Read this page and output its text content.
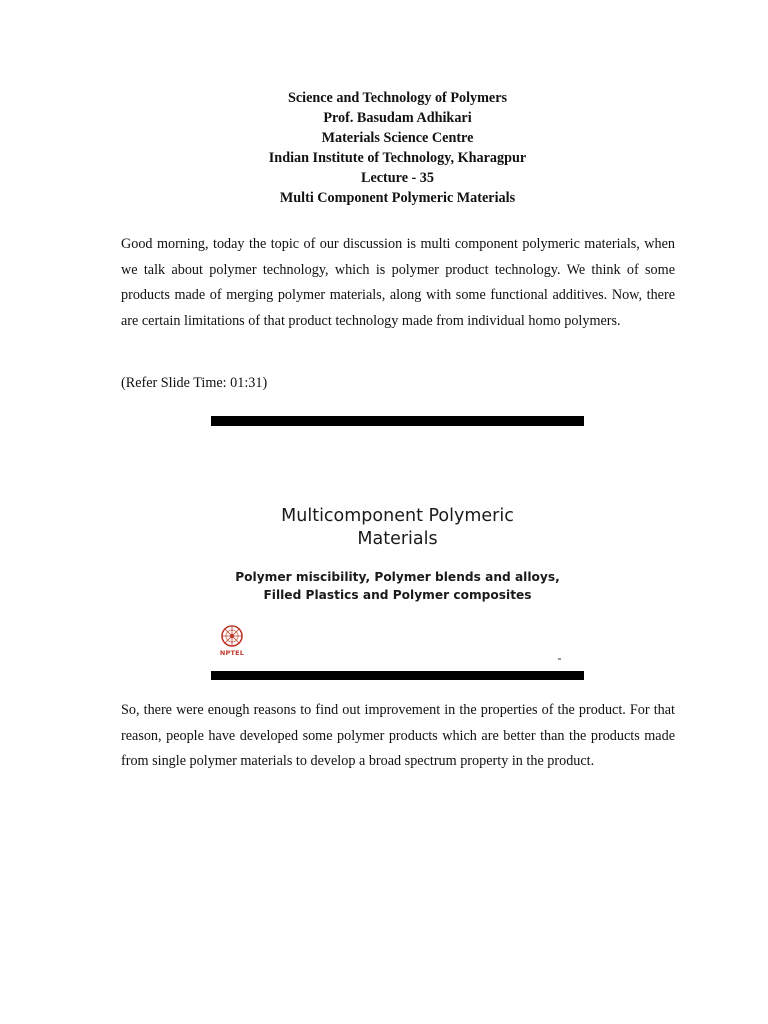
Science and Technology of Polymers
Prof. Basudam Adhikari
Materials Science Centre
Indian Institute of Technology, Kharagpur
Lecture - 35
Multi Component Polymeric Materials

Good morning, today the topic of our discussion is multi component polymeric materials, when we talk about polymer technology, which is polymer product technology. We think of some products made of merging polymer materials, along with some functional additives. Now, there are certain limitations of that product technology made from individual homo polymers.

(Refer Slide Time: 01:31)
Multicomponent Polymeric
Materials
Polymer miscibility, Polymer blends and alloys,
Filled Plastics and Polymer composites
NPTEL

So, there were enough reasons to find out improvement in the properties of the product. For that reason, people have developed some polymer products which are better than the products made from single polymer materials to develop a broad spectrum property in the product.
